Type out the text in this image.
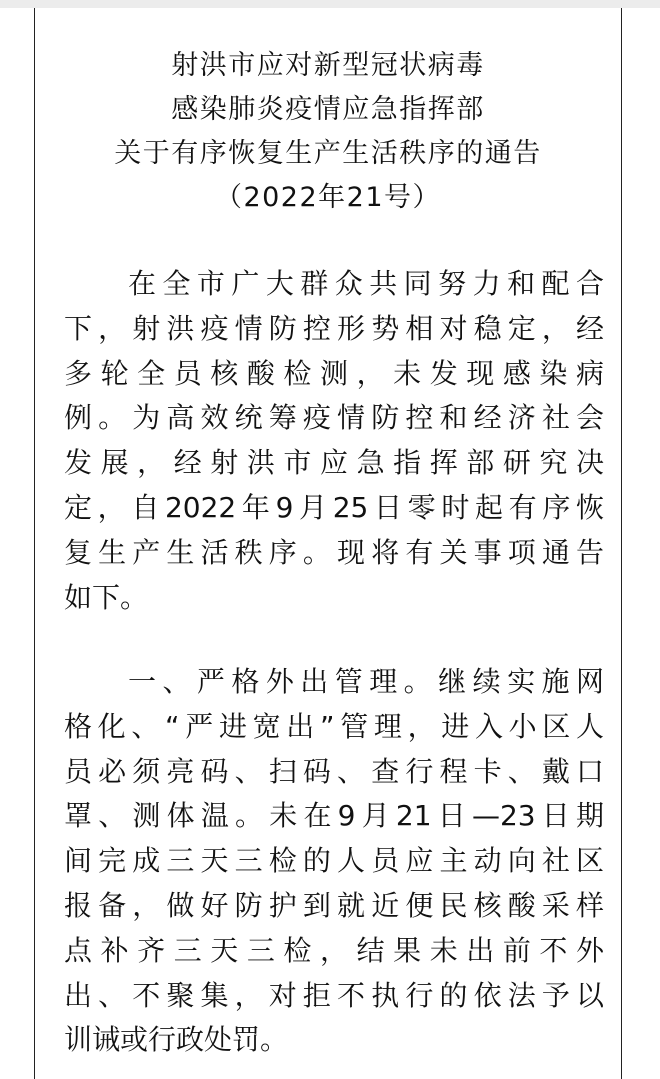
射洪市应对新型冠状病毒
感染肺炎疫情应急指挥部
关于有序恢复生产生活秩序的通告
（2022年21号）
在全市广大群众共同努力和配合
下，射洪疫情防控形势相对稳定，经
多轮全员核酸检测，未发现感染病
例。为高效统筹疫情防控和经济社会
发展，经射洪市应急指挥部研究决
定，自2022年9月25日零时起有序恢
复生产生活秩序。现将有关事项通告
如下。
一、严格外出管理。继续实施网
格化、“严进宽出”管理，进入小区人
员必须亮码、扫码、查行程卡、戴口
罩、测体温。未在9月21日—23日期
间完成三天三检的人员应主动向社区
报备，做好防护到就近便民核酸采样
点补齐三天三检，结果未出前不外
出、不聚集，对拒不执行的依法予以
训诫或行政处罚。
